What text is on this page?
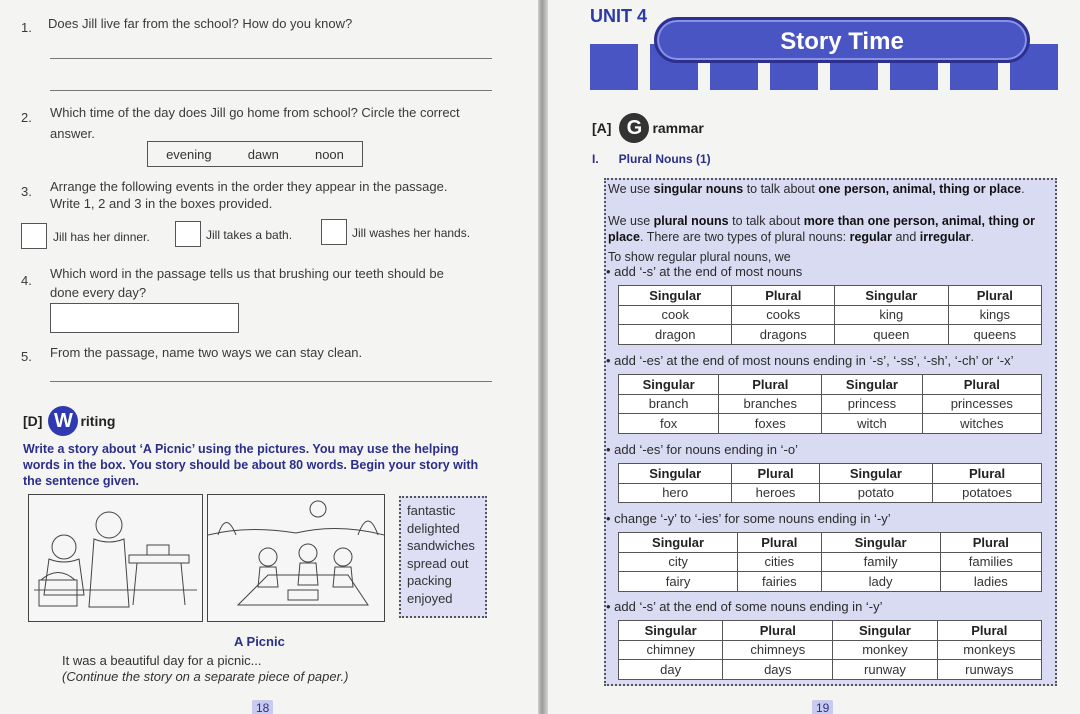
1. Does Jill live far from the school? How do you know?
2. Which time of the day does Jill go home from school? Circle the correct
answer.
evening	dawn	noon
3. Arrange the following events in the order they appear in the passage.
Write 1, 2 and 3 in the boxes provided.
Jill has her dinner.	Jill takes a bath.	Jill washes her hands.
4. Which word in the passage tells us that brushing our teeth should be
done every day?
5. From the passage, name two ways we can stay clean.
[D] W riting
Write a story about ‘A Picnic’ using the pictures. You may use the helping words in the box. You story should be about 80 words. Begin your story with the sentence given.
fantastic
delighted
sandwiches
spread out
packing
enjoyed
A Picnic
It was a beautiful day for a picnic...
(Continue the story on a separate piece of paper.)
18
UNIT 4
Story Time
[A] G rammar
I. Plural Nouns (1)
We use singular nouns to talk about one person, animal, thing or place.
We use plural nouns to talk about more than one person, animal, thing or place. There are two types of plural nouns: regular and irregular.
To show regular plural nouns, we
• add ‘-s’ at the end of most nouns
Singular	Plural	Singular	Plural
cook	cooks	king	kings
dragon	dragons	queen	queens
• add ‘-es’ at the end of most nouns ending in ‘-s’, ‘-ss’, ‘-sh’, ‘-ch’ or ‘-x’
Singular	Plural	Singular	Plural
branch	branches	princess	princesses
fox	foxes	witch	witches
• add ‘-es’ for nouns ending in ‘-o’
Singular	Plural	Singular	Plural
hero	heroes	potato	potatoes
• change ‘-y’ to ‘-ies’ for some nouns ending in ‘-y’
Singular	Plural	Singular	Plural
city	cities	family	families
fairy	fairies	lady	ladies
• add ‘-s’ at the end of some nouns ending in ‘-y’
Singular	Plural	Singular	Plural
chimney	chimneys	monkey	monkeys
day	days	runway	runways
19
